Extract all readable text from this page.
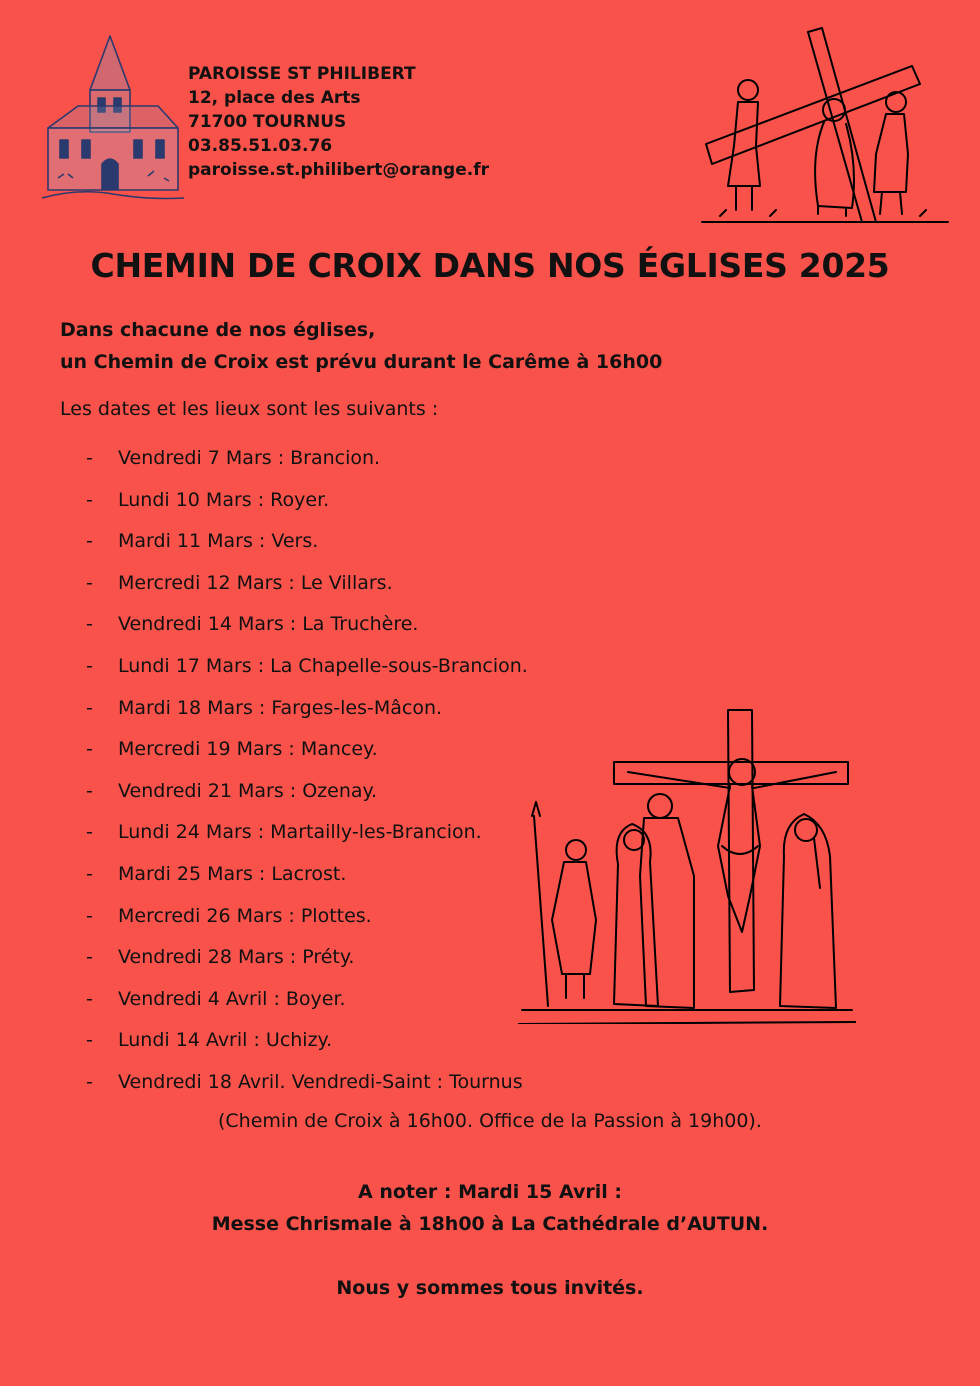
PAROISSE ST PHILIBERT
12, place des Arts
71700 TOURNUS
03.85.51.03.76
paroisse.st.philibert@orange.fr
CHEMIN DE CROIX DANS NOS ÉGLISES 2025
Dans chacune de nos églises,
un Chemin de Croix est prévu durant le Carême à 16h00
Les dates et les lieux sont les suivants :
- Vendredi 7 Mars : Brancion.
- Lundi 10 Mars : Royer.
- Mardi 11 Mars : Vers.
- Mercredi 12 Mars : Le Villars.
- Vendredi 14 Mars : La Truchère.
- Lundi 17 Mars : La Chapelle-sous-Brancion.
- Mardi 18 Mars : Farges-les-Mâcon.
- Mercredi 19 Mars : Mancey.
- Vendredi 21 Mars : Ozenay.
- Lundi 24 Mars : Martailly-les-Brancion.
- Mardi 25 Mars : Lacrost.
- Mercredi 26 Mars : Plottes.
- Vendredi 28 Mars : Préty.
- Vendredi 4 Avril : Boyer.
- Lundi 14 Avril : Uchizy.
- Vendredi 18 Avril. Vendredi-Saint : Tournus
(Chemin de Croix à 16h00. Office de la Passion à 19h00).
A noter : Mardi 15 Avril :
Messe Chrismale à 18h00 à La Cathédrale d’AUTUN.
Nous y sommes tous invités.
